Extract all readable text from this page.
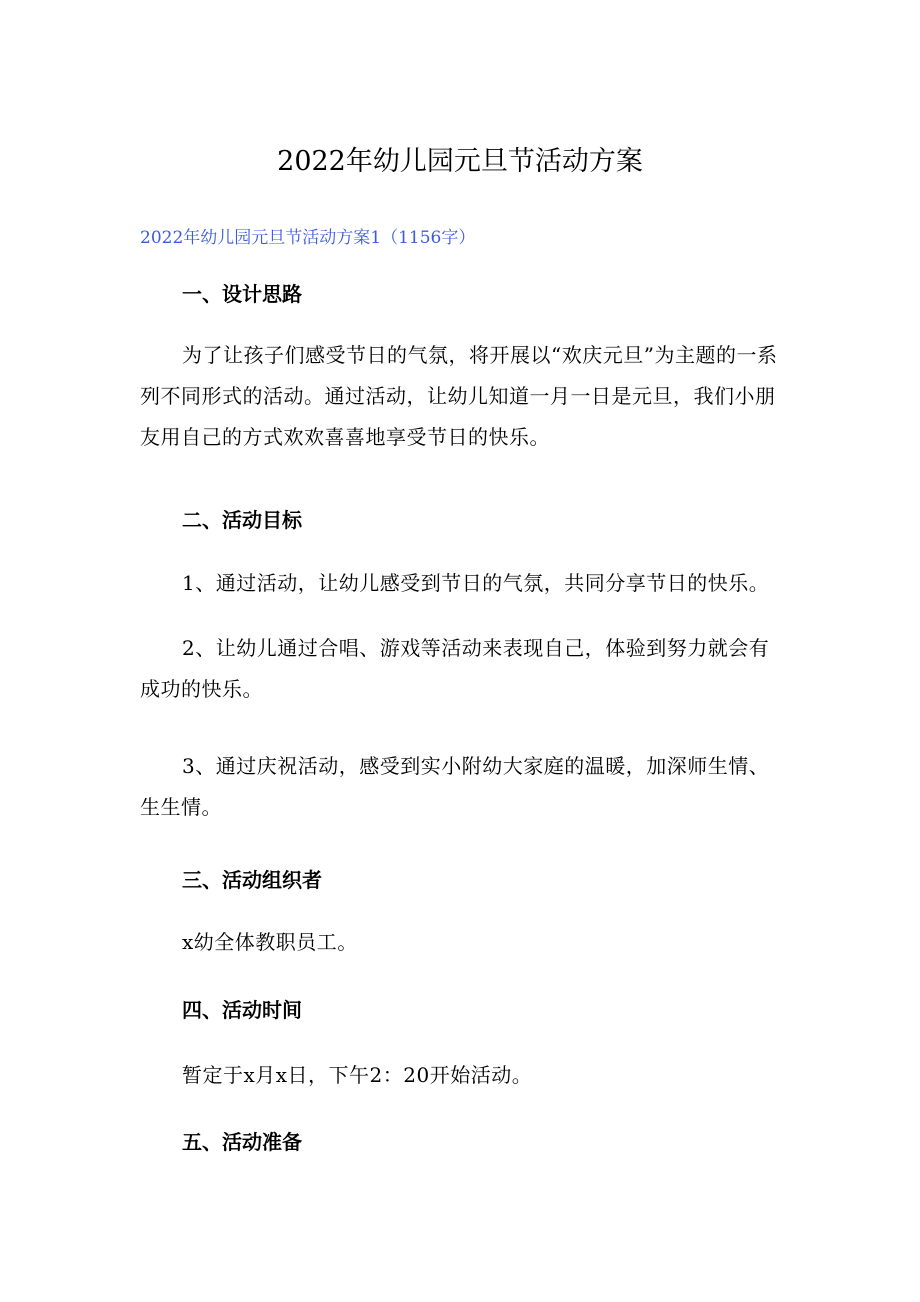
2022年幼儿园元旦节活动方案
2022年幼儿园元旦节活动方案1（1156字）
一、设计思路

为了让孩子们感受节日的气氛，将开展以“欢庆元旦”为主题的一系列不同形式的活动。通过活动，让幼儿知道一月一日是元旦，我们小朋友用自己的方式欢欢喜喜地享受节日的快乐。

二、活动目标

1、通过活动，让幼儿感受到节日的气氛，共同分享节日的快乐。

2、让幼儿通过合唱、游戏等活动来表现自己，体验到努力就会有成功的快乐。

3、通过庆祝活动，感受到实小附幼大家庭的温暖，加深师生情、生生情。

三、活动组织者

x幼全体教职员工。

四、活动时间

暂定于x月x日，下午2：20开始活动。

五、活动准备
